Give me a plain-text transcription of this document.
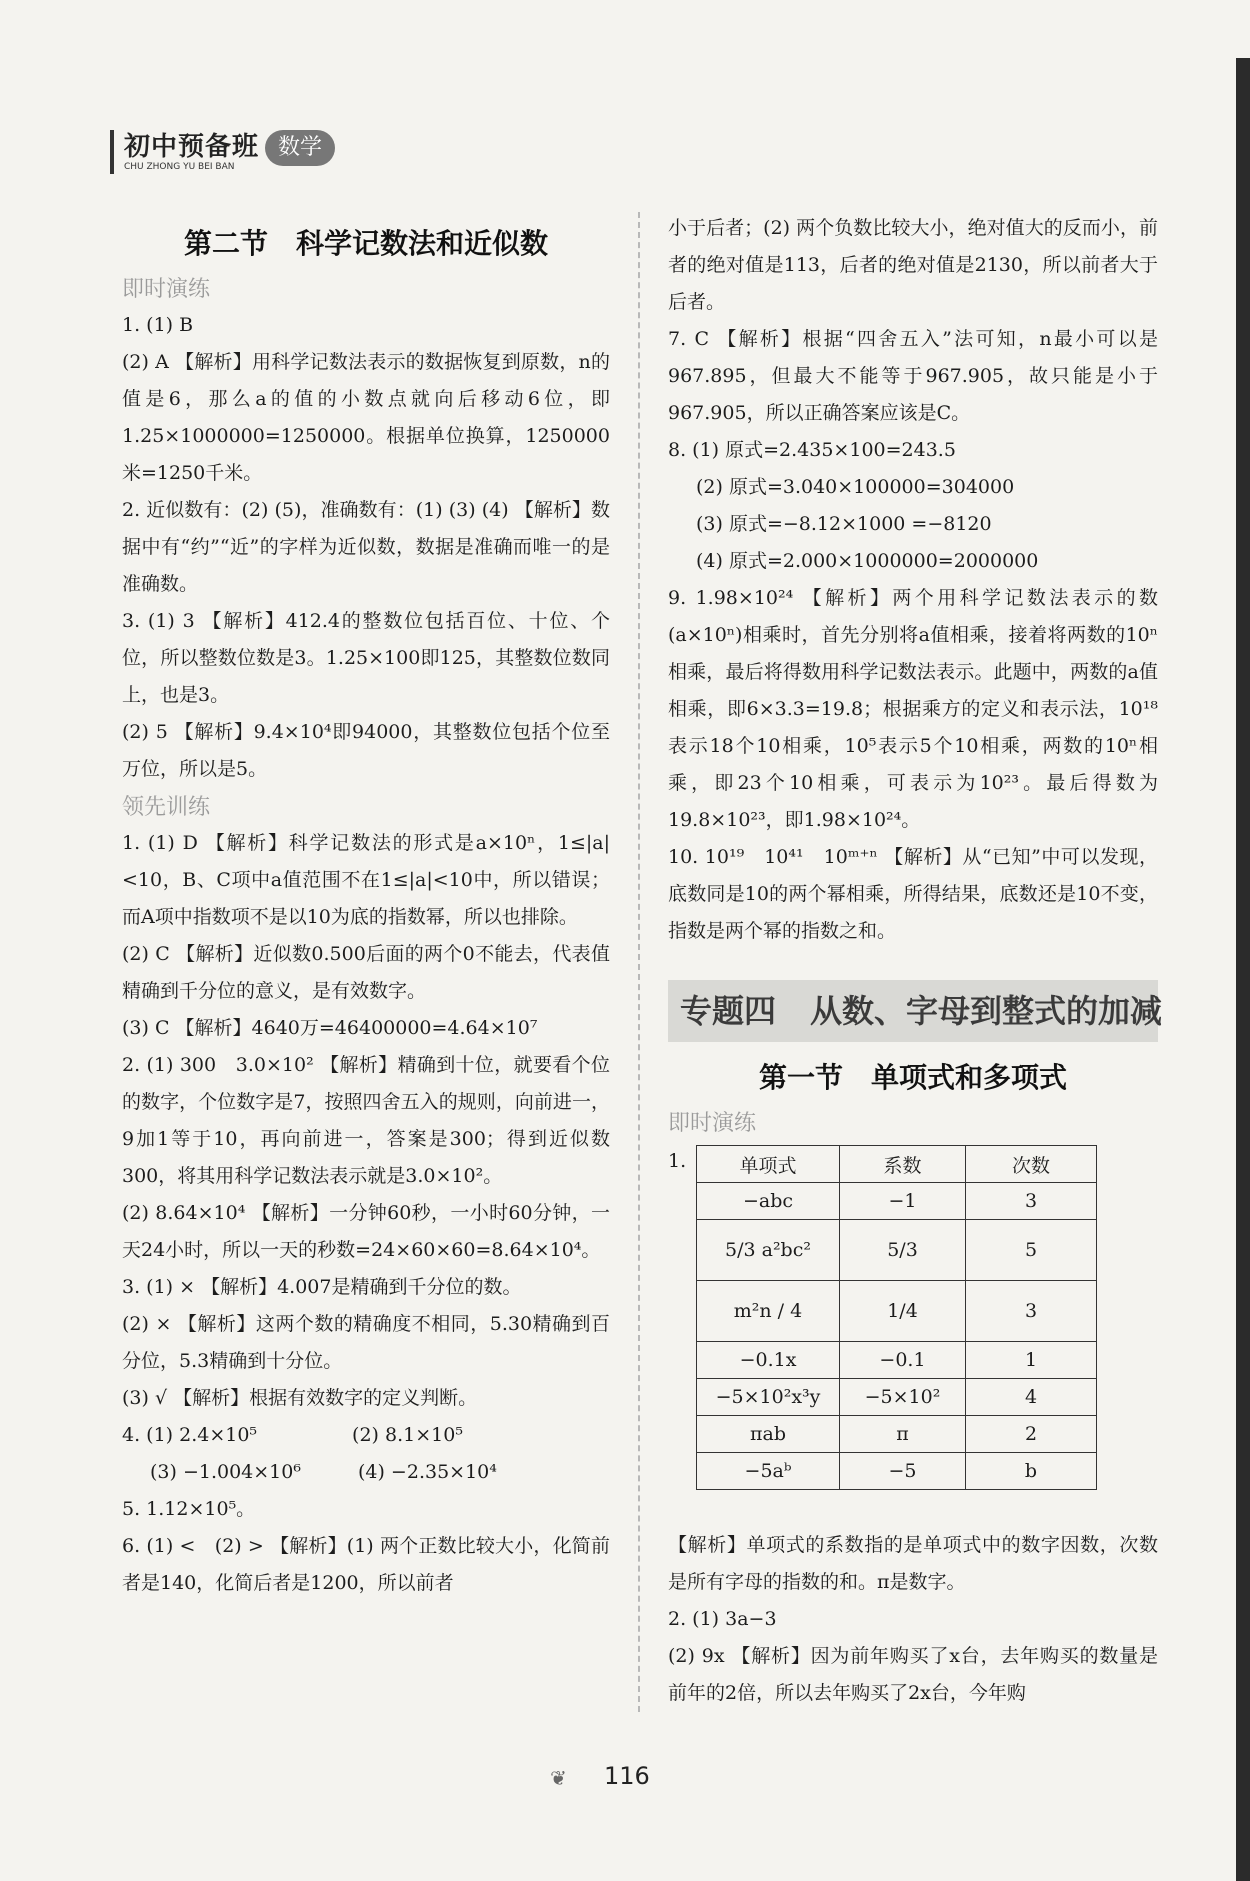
初中预备班
CHU ZHONG YU BEI BAN
数学
第二节　科学记数法和近似数
即时演练

1. (1) B

(2) A 【解析】用科学记数法表示的数据恢复到原数，n的值是6，那么a的值的小数点就向后移动6位，即1.25×1000000=1250000。根据单位换算，1250000 米=1250千米。

2. 近似数有：(2) (5)，准确数有：(1) (3) (4) 【解析】数据中有“约”“近”的字样为近似数，数据是准确而唯一的是准确数。

3. (1) 3 【解析】412.4的整数位包括百位、十位、个位，所以整数位数是3。1.25×100即125，其整数位数同上，也是3。

(2) 5 【解析】9.4×10⁴即94000，其整数位包括个位至万位，所以是5。

领先训练

1. (1) D 【解析】科学记数法的形式是a×10ⁿ，1≤|a|<10，B、C项中a值范围不在1≤|a|<10中，所以错误；而A项中指数项不是以10为底的指数幂，所以也排除。

(2) C 【解析】近似数0.500后面的两个0不能去，代表值精确到千分位的意义，是有效数字。

(3) C 【解析】4640万=46400000=4.64×10⁷

2. (1) 300　3.0×10² 【解析】精确到十位，就要看个位的数字，个位数字是7，按照四舍五入的规则，向前进一，9加1等于10，再向前进一，答案是300；得到近似数300，将其用科学记数法表示就是3.0×10²。

(2) 8.64×10⁴ 【解析】一分钟60秒，一小时60分钟，一天24小时，所以一天的秒数=24×60×60=8.64×10⁴。

3. (1) × 【解析】4.007是精确到千分位的数。

(2) × 【解析】这两个数的精确度不相同，5.30精确到百分位，5.3精确到十分位。

(3) √ 【解析】根据有效数字的定义判断。

4. (1) 2.4×10⁵　　　　　(2) 8.1×10⁵

(3) −1.004×10⁶　　　(4) −2.35×10⁴

5. 1.12×10⁵。

6. (1) <　(2) > 【解析】(1) 两个正数比较大小，化简前者是140，化简后者是1200，所以前者

小于后者；(2) 两个负数比较大小，绝对值大的反而小，前者的绝对值是113，后者的绝对值是2130，所以前者大于后者。

7. C 【解析】根据“四舍五入”法可知，n最小可以是967.895，但最大不能等于967.905，故只能是小于967.905，所以正确答案应该是C。

8. (1) 原式=2.435×100=243.5

(2) 原式=3.040×100000=304000

(3) 原式=−8.12×1000 =−8120

(4) 原式=2.000×1000000=2000000

9. 1.98×10²⁴ 【解析】两个用科学记数法表示的数(a×10ⁿ)相乘时，首先分别将a值相乘，接着将两数的10ⁿ相乘，最后将得数用科学记数法表示。此题中，两数的a值相乘，即6×3.3=19.8；根据乘方的定义和表示法，10¹⁸表示18个10相乘，10⁵表示5个10相乘，两数的10ⁿ相乘，即23个10相乘，可表示为10²³。最后得数为19.8×10²³，即1.98×10²⁴。

10. 10¹⁹　10⁴¹　10ᵐ⁺ⁿ 【解析】从“已知”中可以发现，底数同是10的两个幂相乘，所得结果，底数还是10不变，指数是两个幂的指数之和。

专题四 从数、字母到整式的加减
第一节　单项式和多项式
即时演练
1.	单项式	系数	次数
−abc	−1	3
5/3 a²bc²	5/3	5
m²n / 4	1/4	3
−0.1x	−0.1	1
−5×10²x³y	−5×10²	4
πab	π	2
−5aᵇ	−5	b

【解析】单项式的系数指的是单项式中的数字因数，次数是所有字母的指数的和。π是数字。

2. (1) 3a−3

(2) 9x 【解析】因为前年购买了x台，去年购买的数量是前年的2倍，所以去年购买了2x台，今年购

❦ 116
